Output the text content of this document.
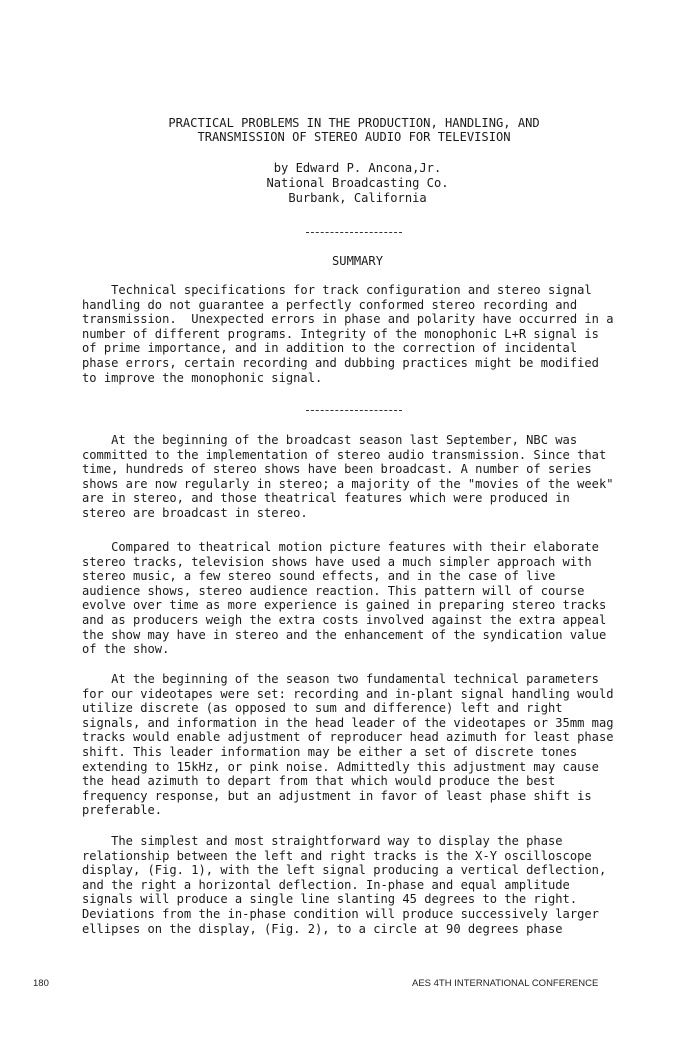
PRACTICAL PROBLEMS IN THE PRODUCTION, HANDLING, AND
TRANSMISSION OF STEREO AUDIO FOR TELEVISION
by Edward P. Ancona,Jr.
National Broadcasting Co.
Burbank, California
SUMMARY
Technical specifications for track configuration and stereo signal
handling do not guarantee a perfectly conformed stereo recording and
transmission.  Unexpected errors in phase and polarity have occurred in a
number of different programs. Integrity of the monophonic L+R signal is
of prime importance, and in addition to the correction of incidental
phase errors, certain recording and dubbing practices might be modified
to improve the monophonic signal.
At the beginning of the broadcast season last September, NBC was
committed to the implementation of stereo audio transmission. Since that
time, hundreds of stereo shows have been broadcast. A number of series
shows are now regularly in stereo; a majority of the "movies of the week"
are in stereo, and those theatrical features which were produced in
stereo are broadcast in stereo.
Compared to theatrical motion picture features with their elaborate
stereo tracks, television shows have used a much simpler approach with
stereo music, a few stereo sound effects, and in the case of live
audience shows, stereo audience reaction. This pattern will of course
evolve over time as more experience is gained in preparing stereo tracks
and as producers weigh the extra costs involved against the extra appeal
the show may have in stereo and the enhancement of the syndication value
of the show.
At the beginning of the season two fundamental technical parameters
for our videotapes were set: recording and in-plant signal handling would
utilize discrete (as opposed to sum and difference) left and right
signals, and information in the head leader of the videotapes or 35mm mag
tracks would enable adjustment of reproducer head azimuth for least phase
shift. This leader information may be either a set of discrete tones
extending to 15kHz, or pink noise. Admittedly this adjustment may cause
the head azimuth to depart from that which would produce the best
frequency response, but an adjustment in favor of least phase shift is
preferable.
The simplest and most straightforward way to display the phase
relationship between the left and right tracks is the X-Y oscilloscope
display, (Fig. 1), with the left signal producing a vertical deflection,
and the right a horizontal deflection. In-phase and equal amplitude
signals will produce a single line slanting 45 degrees to the right.
Deviations from the in-phase condition will produce successively larger
ellipses on the display, (Fig. 2), to a circle at 90 degrees phase
180	AES 4TH INTERNATIONAL CONFERENCE
